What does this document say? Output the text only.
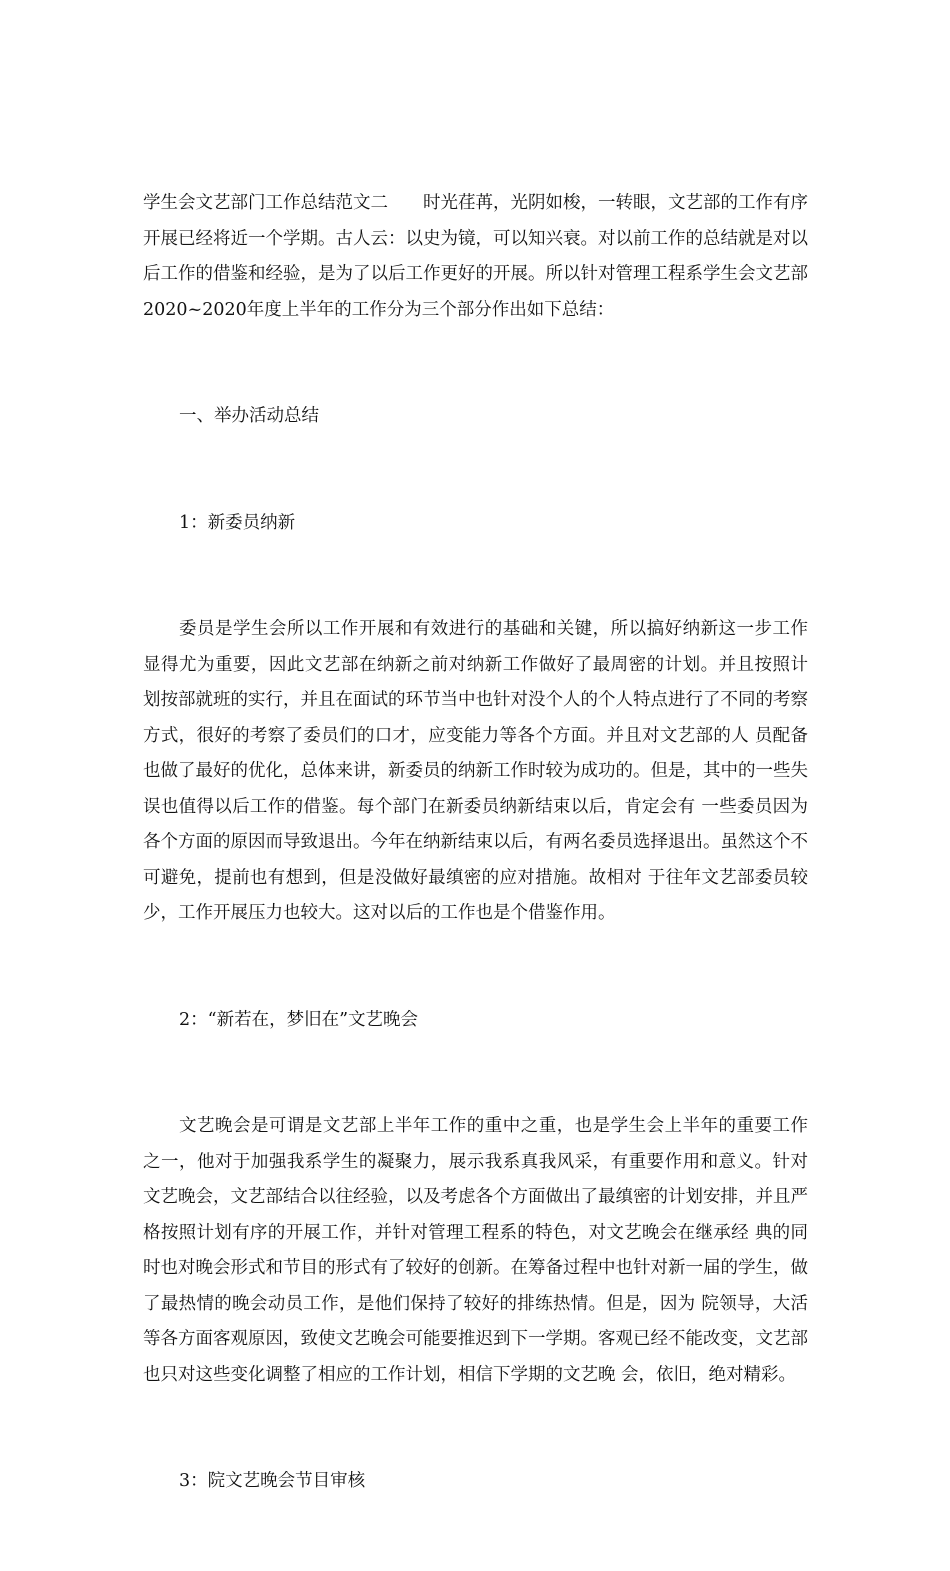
学生会文艺部门工作总结范文二　　时光荏苒，光阴如梭，一转眼，文艺部的工作有序开展已经将近一个学期。古人云：以史为镜，可以知兴衰。对以前工作的总结就是对以后工作的借鉴和经验，是为了以后工作更好的开展。所以针对管理工程系学生会文艺部2020~2020年度上半年的工作分为三个部分作出如下总结：

一、举办活动总结

1：新委员纳新

委员是学生会所以工作开展和有效进行的基础和关键，所以搞好纳新这一步工作显得尤为重要，因此文艺部在纳新之前对纳新工作做好了最周密的计划。并且按照计 划按部就班的实行，并且在面试的环节当中也针对没个人的个人特点进行了不同的考察方式，很好的考察了委员们的口才，应变能力等各个方面。并且对文艺部的人 员配备也做了最好的优化，总体来讲，新委员的纳新工作时较为成功的。但是，其中的一些失误也值得以后工作的借鉴。每个部门在新委员纳新结束以后，肯定会有 一些委员因为各个方面的原因而导致退出。今年在纳新结束以后，有两名委员选择退出。虽然这个不可避免，提前也有想到，但是没做好最缜密的应对措施。故相对 于往年文艺部委员较少，工作开展压力也较大。这对以后的工作也是个借鉴作用。

2：“新若在，梦旧在”文艺晚会

文艺晚会是可谓是文艺部上半年工作的重中之重，也是学生会上半年的重要工作之一，他对于加强我系学生的凝聚力，展示我系真我风采，有重要作用和意义。针对 文艺晚会，文艺部结合以往经验，以及考虑各个方面做出了最缜密的计划安排，并且严格按照计划有序的开展工作，并针对管理工程系的特色，对文艺晚会在继承经 典的同时也对晚会形式和节目的形式有了较好的创新。在筹备过程中也针对新一届的学生，做了最热情的晚会动员工作，是他们保持了较好的排练热情。但是，因为 院领导，大活等各方面客观原因，致使文艺晚会可能要推迟到下一学期。客观已经不能改变，文艺部也只对这些变化调整了相应的工作计划，相信下学期的文艺晚 会，依旧，绝对精彩。

3：院文艺晚会节目审核
